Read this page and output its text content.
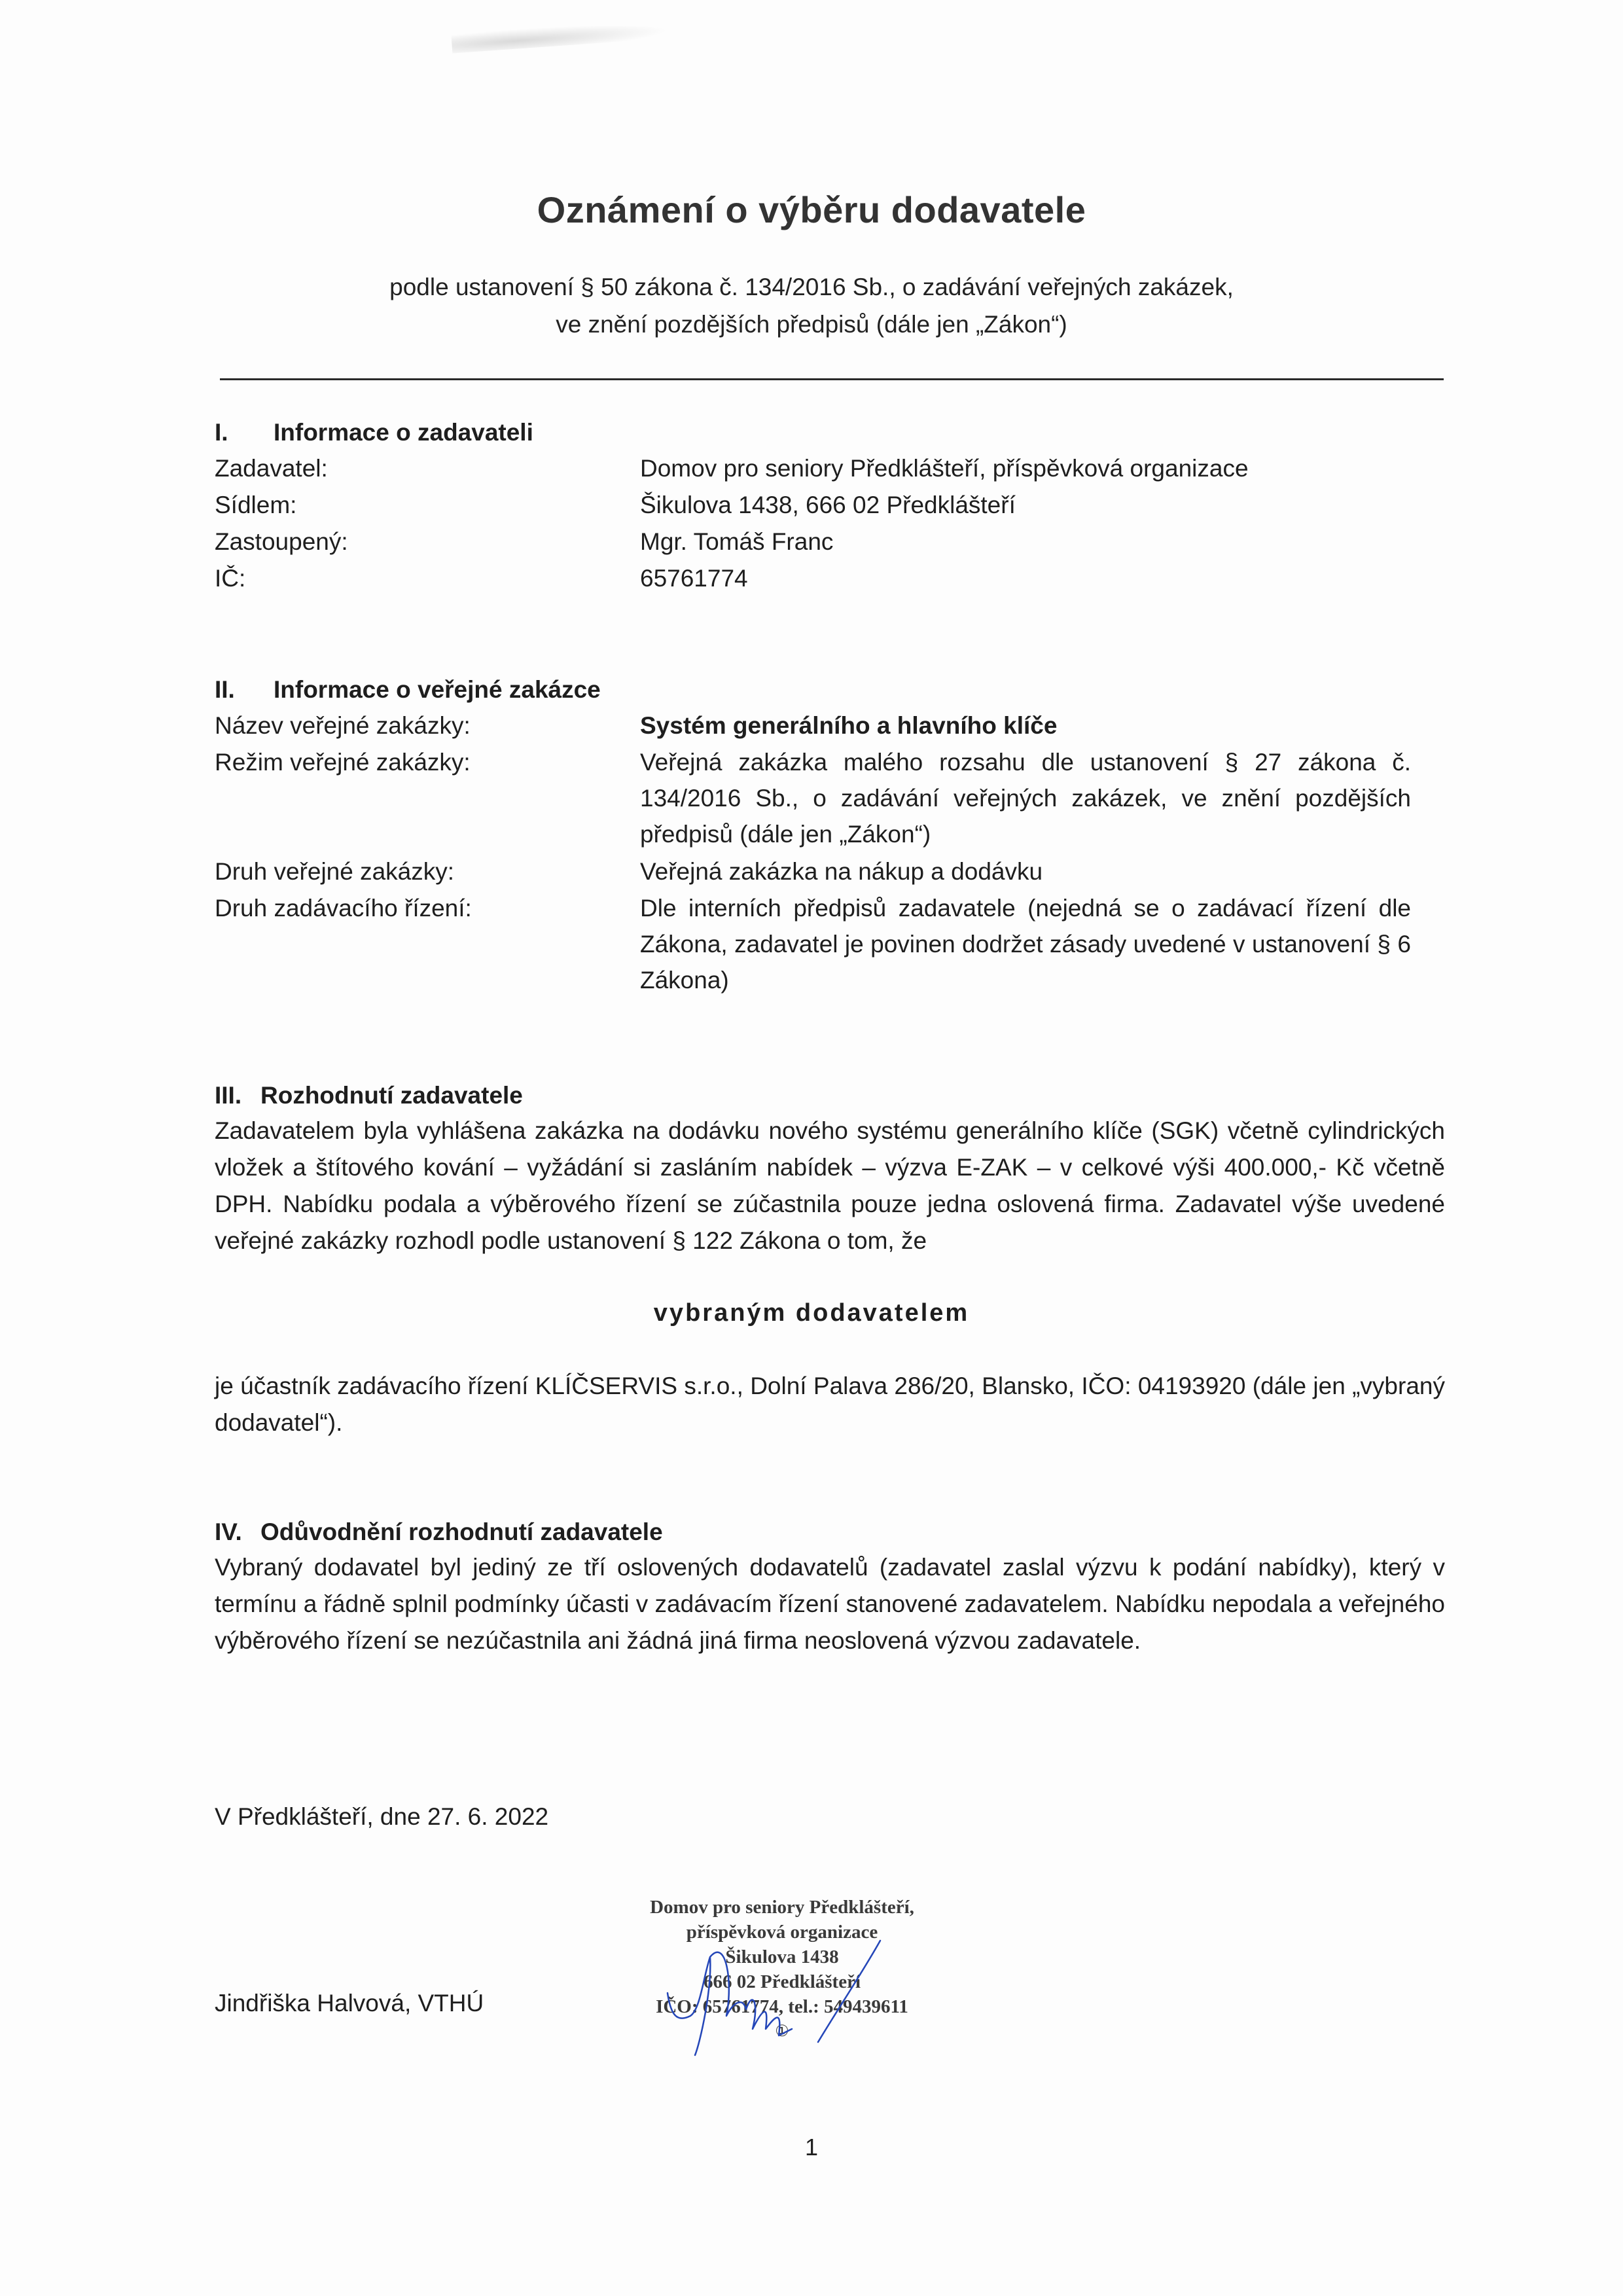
Oznámení o výběru dodavatele
podle ustanovení § 50 zákona č. 134/2016 Sb., o zadávání veřejných zakázek,
ve znění pozdějších předpisů (dále jen „Zákon“)
I. Informace o zadavateli
Zadavatel:	Domov pro seniory Předklášteří, příspěvková organizace
Sídlem:	Šikulova 1438, 666 02 Předklášteří
Zastoupený:	Mgr. Tomáš Franc
IČ:	65761774
II. Informace o veřejné zakázce
Název veřejné zakázky:	Systém generálního a hlavního klíče
Režim veřejné zakázky:	Veřejná zakázka malého rozsahu dle ustanovení § 27 zákona č. 134/2016 Sb., o zadávání veřejných zakázek, ve znění pozdějších předpisů (dále jen „Zákon“)
Druh veřejné zakázky:	Veřejná zakázka na nákup a dodávku
Druh zadávacího řízení:	Dle interních předpisů zadavatele (nejedná se o zadávací řízení dle Zákona, zadavatel je povinen dodržet zásady uvedené v ustanovení § 6 Zákona)
III. Rozhodnutí zadavatele
Zadavatelem byla vyhlášena zakázka na dodávku nového systému generálního klíče (SGK) včetně cylindrických vložek a štítového kování – vyžádání si zasláním nabídek – výzva E-ZAK – v celkové výši 400.000,- Kč včetně DPH. Nabídku podala a výběrového řízení se zúčastnila pouze jedna oslovená firma. Zadavatel výše uvedené veřejné zakázky rozhodl podle ustanovení § 122 Zákona o tom, že
vybraným dodavatelem
je účastník zadávacího řízení KLÍČSERVIS s.r.o., Dolní Palava 286/20, Blansko, IČO: 04193920 (dále jen „vybraný dodavatel“).
IV. Odůvodnění rozhodnutí zadavatele
Vybraný dodavatel byl jediný ze tří oslovených dodavatelů (zadavatel zaslal výzvu k podání nabídky), který v termínu a řádně splnil podmínky účasti v zadávacím řízení stanovené zadavatelem. Nabídku nepodala a veřejného výběrového řízení se nezúčastnila ani žádná jiná firma neoslovená výzvou zadavatele.
V Předklášteří, dne 27. 6. 2022
Jindřiška Halvová, VTHÚ
Domov pro seniory Předklášteří,
příspěvková organizace
Šikulova 1438
666 02 Předklášteří
IČO: 65761774, tel.: 549439611
①
1
